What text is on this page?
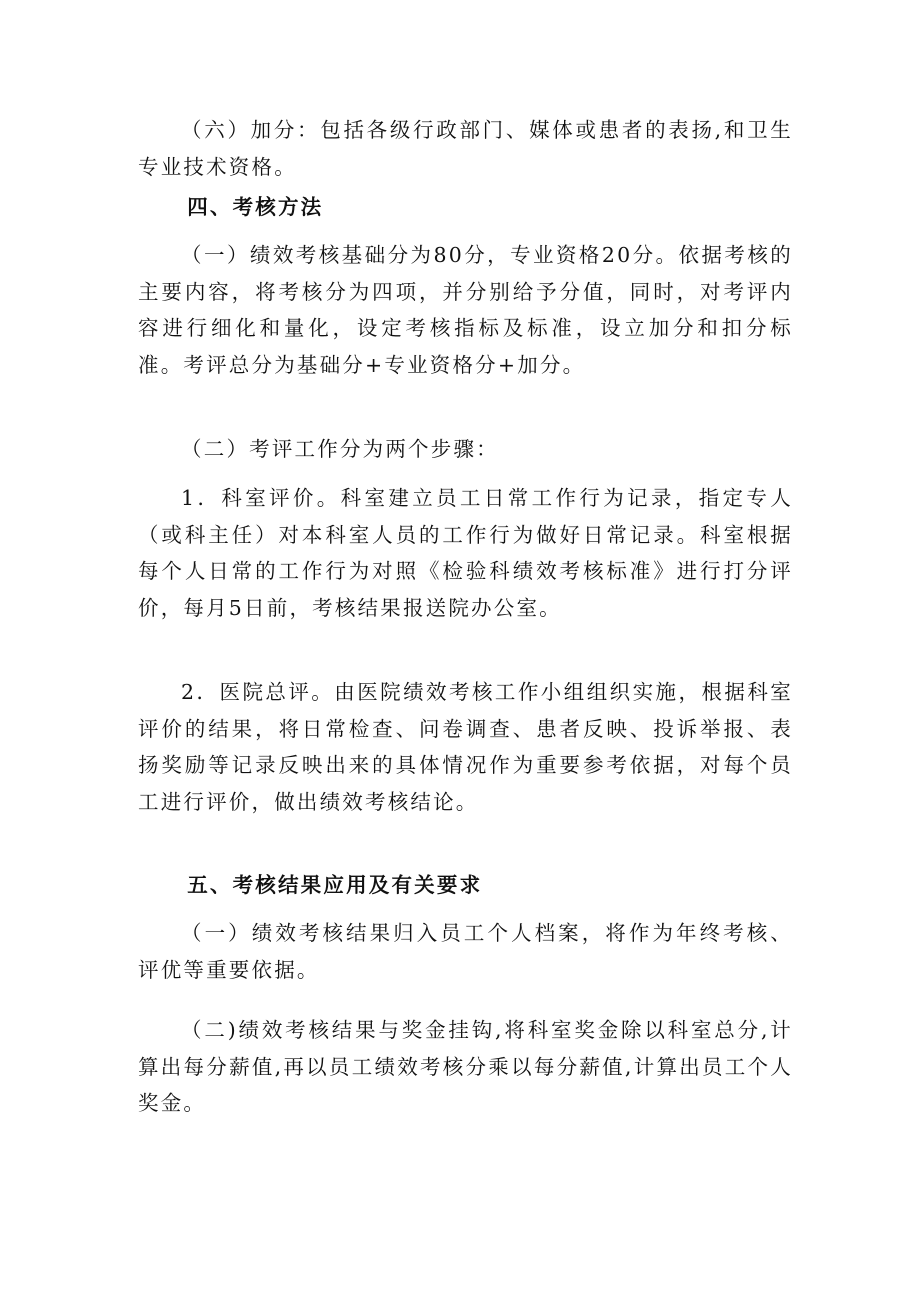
（六）加分：包括各级行政部门、媒体或患者的表扬,和卫生专业技术资格。

四、考核方法

（一）绩效考核基础分为80分，专业资格20分。依据考核的主要内容，将考核分为四项，并分别给予分值，同时，对考评内容进行细化和量化，设定考核指标及标准，设立加分和扣分标准。考评总分为基础分+专业资格分+加分。

（二）考评工作分为两个步骤：

1．科室评价。科室建立员工日常工作行为记录，指定专人（或科主任）对本科室人员的工作行为做好日常记录。科室根据每个人日常的工作行为对照《检验科绩效考核标准》进行打分评价，每月5日前，考核结果报送院办公室。

2．医院总评。由医院绩效考核工作小组组织实施，根据科室评价的结果，将日常检查、问卷调查、患者反映、投诉举报、表扬奖励等记录反映出来的具体情况作为重要参考依据，对每个员工进行评价，做出绩效考核结论。

五、考核结果应用及有关要求

（一）绩效考核结果归入员工个人档案，将作为年终考核、评优等重要依据。

（二)绩效考核结果与奖金挂钩,将科室奖金除以科室总分,计算出每分薪值,再以员工绩效考核分乘以每分薪值,计算出员工个人奖金。
